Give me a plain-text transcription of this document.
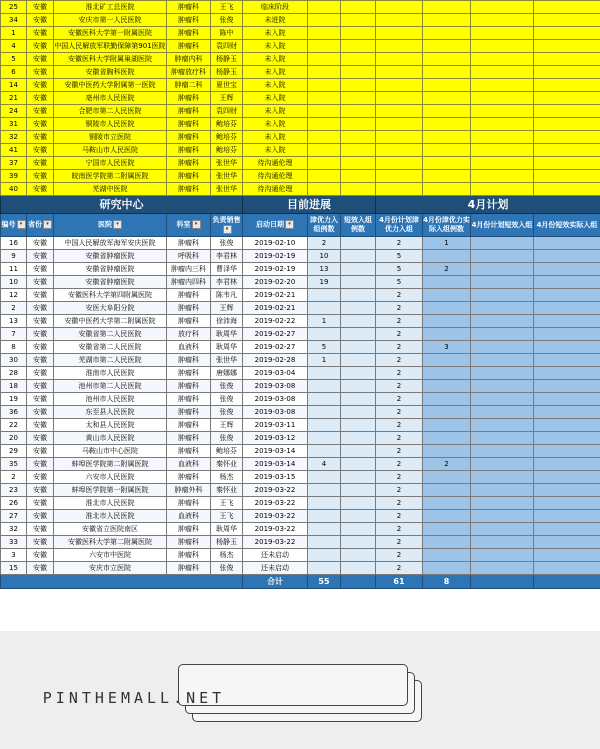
25	安徽	淮北矿工总医院	肿瘤科	王飞	临床阶段						
34	安徽	安庆市第一人民医院	肿瘤科	张俊	未进院						
1	安徽	安徽医科大学第一附属医院	肿瘤科	陈中	未入院						
4	安徽	中国人民解放军联勤保障第901医院	肿瘤科	袁四财	未入院						
5	安徽	安徽医科大学附属巢湖医院	肿瘤内科	杨静玉	未入院						
6	安徽	安徽省胸科医院	肿瘤放疗科	杨静玉	未入院						
14	安徽	安徽中医药大学附属第一医院	肿瘤二科	夏世宝	未入院						
21	安徽	亳州市人民医院	肿瘤科	王辉	未入院						
24	安徽	合肥市第二人民医院	肿瘤科	袁四财	未入院						
31	安徽	铜陵市人民医院	肿瘤科	鲍培芬	未入院						
32	安徽	铜陵市立医院	肿瘤科	鲍培芬	未入院						
41	安徽	马鞍山市人民医院	肿瘤科	鲍培芬	未入院						
37	安徽	宁国市人民医院	肿瘤科	张世华	待沟通伦理						
39	安徽	皖南医学院第二附属医院	肿瘤科	张世华	待沟通伦理						
40	安徽	芜湖中医院	肿瘤科	张世华	待沟通伦理						
研究中心					目前进展			4月计划			
编号 ▾	省份 ▾	医院 ▾	科室 ▾	负责销售▾	启动日期 ▾	津优力入组例数	短效入组例数	4月份计划津优力入组	4月份津优力实际入组例数	4月份计划短效入组	4月份短效实际入组
16	安徽	中国人民解放军海军安庆医院	肿瘤科	张俊	2019-02-10	2		2	1		
9	安徽	安徽省肿瘤医院	呼吸科	李君林	2019-02-19	10		5			
11	安徽	安徽省肿瘤医院	肿瘤内三科	曹泽华	2019-02-19	13		5	2		
10	安徽	安徽省肿瘤医院	肿瘤内四科	李君林	2019-02-20	19		5			
12	安徽	安徽医科大学第四附属医院	肿瘤科	陈韦凡	2019-02-21			2			
2	安徽	安医大阜阳分院	肿瘤科	王辉	2019-02-21			2			
13	安徽	安徽中医药大学第二附属医院	肿瘤科	徐沛海	2019-02-22	1		2			
7	安徽	安徽省第二人民医院	放疗科	耿周华	2019-02-27			2			
8	安徽	安徽省第二人民医院	血液科	耿周华	2019-02-27	5		2	3		
30	安徽	芜湖市第二人民医院	肿瘤科	张世华	2019-02-28	1		2			
28	安徽	淮南市人民医院	肿瘤科	唐娜娜	2019-03-04			2			
18	安徽	池州市第二人民医院	肿瘤科	张俊	2019-03-08			2			
19	安徽	池州市人民医院	肿瘤科	张俊	2019-03-08			2			
36	安徽	东至县人民医院	肿瘤科	张俊	2019-03-08			2			
22	安徽	太和县人民医院	肿瘤科	王辉	2019-03-11			2			
20	安徽	黄山市人民医院	肿瘤科	张俊	2019-03-12			2			
29	安徽	马鞍山市中心医院	肿瘤科	鲍培芬	2019-03-14			2			
35	安徽	蚌埠医学院第二附属医院	血液科	秦怀业	2019-03-14	4		2	2		
2	安徽	六安市人民医院	肿瘤科	杨杰	2019-03-15			2			
23	安徽	蚌埠医学院第一附属医院	肿瘤外科	秦怀业	2019-03-22			2			
26	安徽	淮北市人民医院	肿瘤科	王飞	2019-03-22			2			
27	安徽	淮北市人民医院	血液科	王飞	2019-03-22			2			
32	安徽	安徽省立医院南区	肿瘤科	耿周华	2019-03-22			2			
33	安徽	安徽医科大学第二附属医院	肿瘤科	杨静玉	2019-03-22			2			
3	安徽	六安市中医院	肿瘤科	杨杰	还未启动			2			
15	安徽	安庆市立医院	肿瘤科	张俊	还未启动			2			
					合计	55		61	8		
PINTHEMALL.NET
